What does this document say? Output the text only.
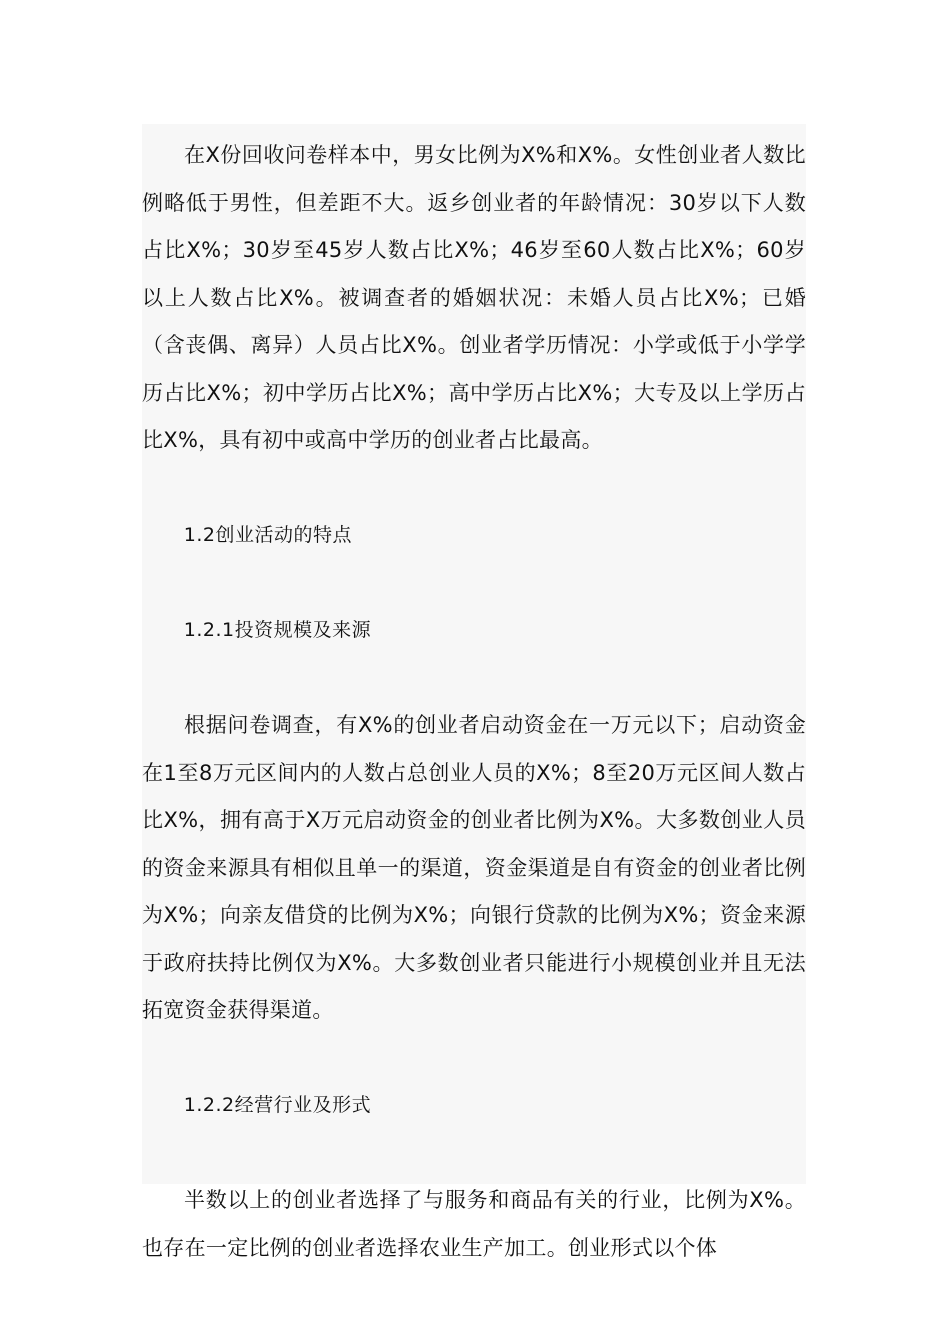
在X份回收问卷样本中，男女比例为X%和X%。女性创业者人数比例略低于男性，但差距不大。返乡创业者的年龄情况：30岁以下人数占比X%；30岁至45岁人数占比X%；46岁至60人数占比X%；60岁以上人数占比X%。被调查者的婚姻状况：未婚人员占比X%；已婚（含丧偶、离异）人员占比X%。创业者学历情况：小学或低于小学学历占比X%；初中学历占比X%；高中学历占比X%；大专及以上学历占比X%，具有初中或高中学历的创业者占比最高。

1.2创业活动的特点

1.2.1投资规模及来源

根据问卷调查，有X%的创业者启动资金在一万元以下；启动资金在1至8万元区间内的人数占总创业人员的X%；8至20万元区间人数占比X%，拥有高于X万元启动资金的创业者比例为X%。大多数创业人员的资金来源具有相似且单一的渠道，资金渠道是自有资金的创业者比例为X%；向亲友借贷的比例为X%；向银行贷款的比例为X%；资金来源于政府扶持比例仅为X%。大多数创业者只能进行小规模创业并且无法拓宽资金获得渠道。

1.2.2经营行业及形式

半数以上的创业者选择了与服务和商品有关的行业，比例为X%。也存在一定比例的创业者选择农业生产加工。创业形式以个体
